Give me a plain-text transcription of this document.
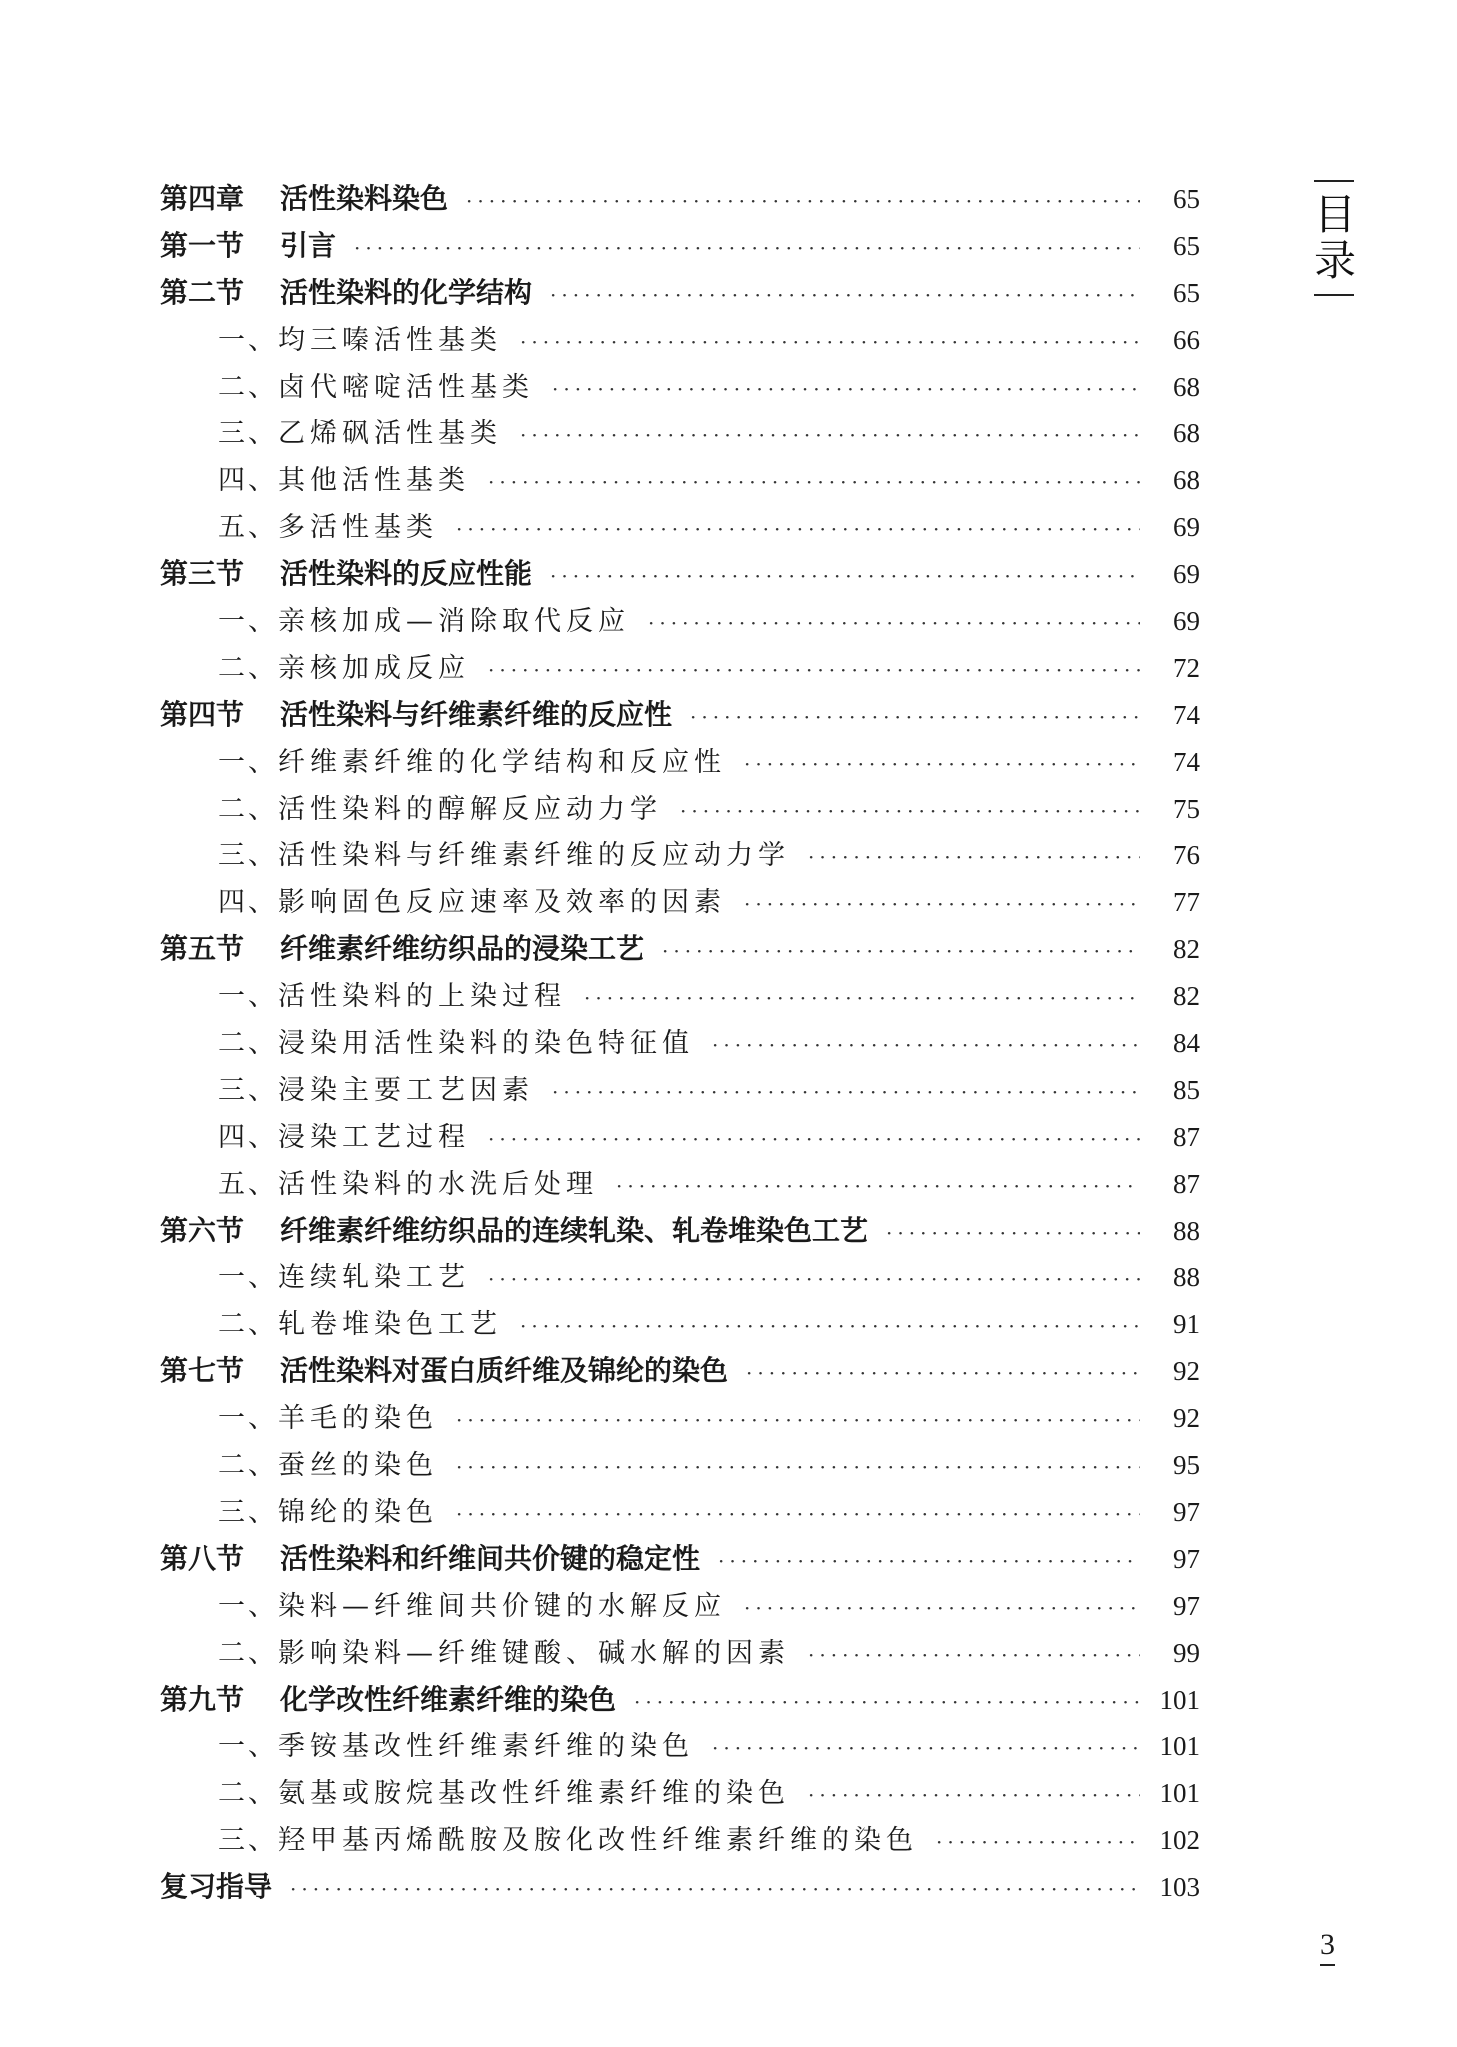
第四章	活性染料染色 ·····	65
第一节	引言 ·····	65
第二节	活性染料的化学结构 ·····	65
一、 均三嗪活性基类 ·····	66
二、 卤代嘧啶活性基类 ·····	68
三、 乙烯砜活性基类 ·····	68
四、 其他活性基类 ·····	68
五、 多活性基类 ·····	69
第三节	活性染料的反应性能 ·····	69
一、 亲核加成—消除取代反应 ·····	69
二、 亲核加成反应 ·····	72
第四节	活性染料与纤维素纤维的反应性 ·····	74
一、 纤维素纤维的化学结构和反应性 ·····	74
二、 活性染料的醇解反应动力学 ·····	75
三、 活性染料与纤维素纤维的反应动力学 ·····	76
四、 影响固色反应速率及效率的因素 ·····	77
第五节	纤维素纤维纺织品的浸染工艺 ·····	82
一、 活性染料的上染过程 ·····	82
二、 浸染用活性染料的染色特征值 ·····	84
三、 浸染主要工艺因素 ·····	85
四、 浸染工艺过程 ·····	87
五、 活性染料的水洗后处理 ·····	87
第六节	纤维素纤维纺织品的连续轧染、轧卷堆染色工艺 ·····	88
一、 连续轧染工艺 ·····	88
二、 轧卷堆染色工艺 ·····	91
第七节	活性染料对蛋白质纤维及锦纶的染色 ·····	92
一、 羊毛的染色 ·····	92
二、 蚕丝的染色 ·····	95
三、 锦纶的染色 ·····	97
第八节	活性染料和纤维间共价键的稳定性 ·····	97
一、 染料—纤维间共价键的水解反应 ·····	97
二、 影响染料—纤维键酸、碱水解的因素 ·····	99
第九节	化学改性纤维素纤维的染色 ·····	101
一、 季铵基改性纤维素纤维的染色 ·····	101
二、 氨基或胺烷基改性纤维素纤维的染色 ·····	101
三、 羟甲基丙烯酰胺及胺化改性纤维素纤维的染色 ·····	102
复习指导 ·····	103
目
录
3
